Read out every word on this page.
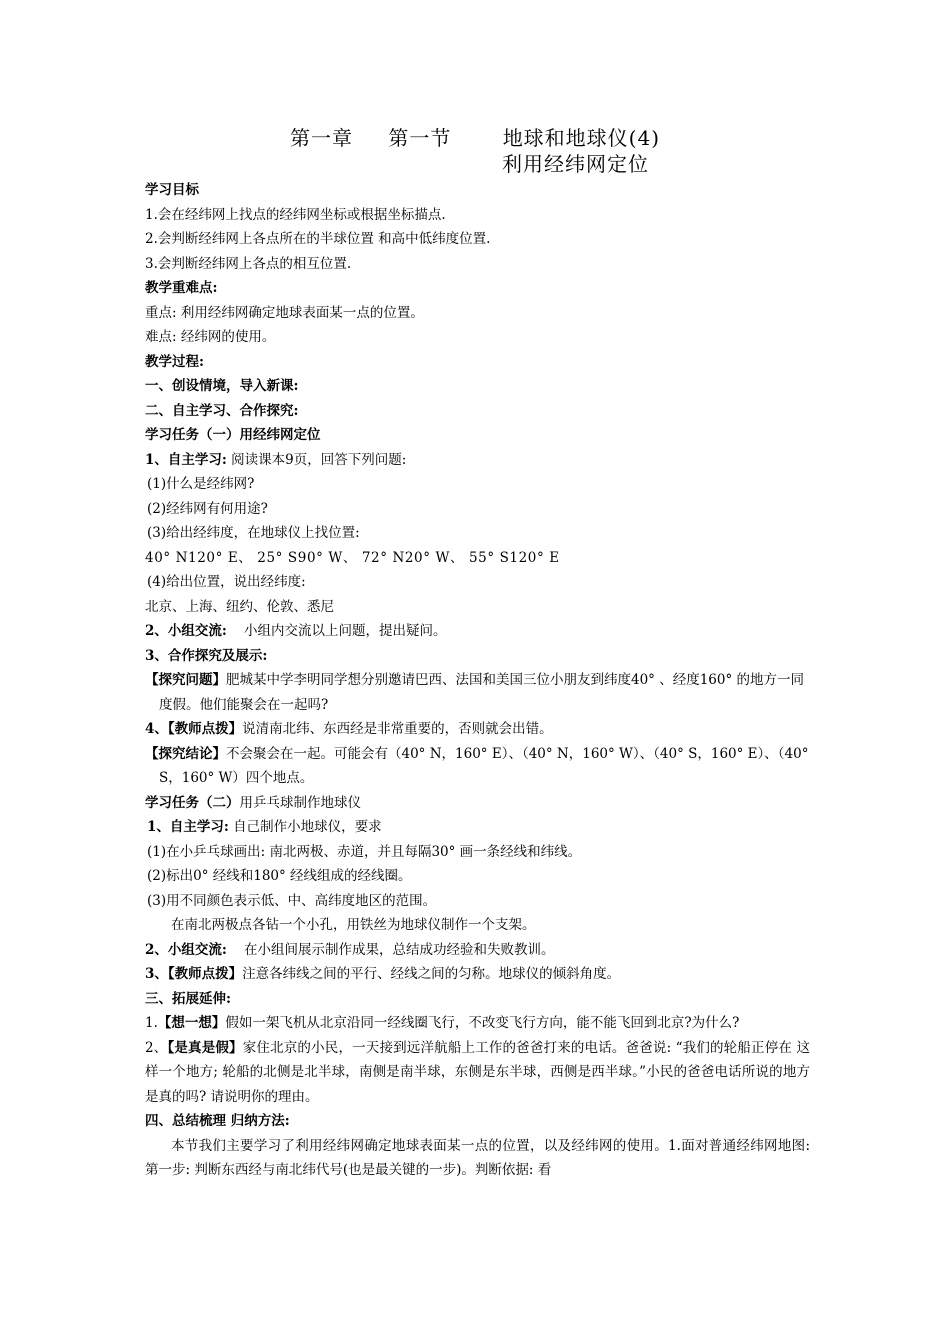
第一章 第一节	地球和地球仪(4)
利用经纬网定位

学习目标

1.会在经纬网上找点的经纬网坐标或根据坐标描点.

2.会判断经纬网上各点所在的半球位置 和高中低纬度位置.

3.会判断经纬网上各点的相互位置.

教学重难点:

重点: 利用经纬网确定地球表面某一点的位置。

难点: 经纬网的使用。

教学过程:

一、创设情境，导入新课:

二、自主学习、合作探究:

学习任务（一）用经纬网定位

1、自主学习: 阅读课本9页，回答下列问题:

(1)什么是经纬网?

(2)经纬网有何用途?

(3)给出经纬度，在地球仪上找位置:

40° N120° E、 25° S90° W、 72° N20° W、 55° S120° E

(4)给出位置，说出经纬度:

北京、上海、纽约、伦敦、悉尼

2、小组交流:    小组内交流以上问题，提出疑问。

3、合作探究及展示:

【探究问题】肥城某中学李明同学想分别邀请巴西、法国和美国三位小朋友到纬度40° 、经度160° 的地方一同度假。他们能聚会在一起吗?

4、【教师点拨】说清南北纬、东西经是非常重要的，否则就会出错。

【探究结论】不会聚会在一起。可能会有（40° N，160° E）、（40° N，160° W）、（40° S，160° E）、（40° S，160° W）四个地点。

学习任务（二）用乒乓球制作地球仪

1、自主学习: 自己制作小地球仪，要求

(1)在小乒乓球画出: 南北两极、赤道，并且每隔30° 画一条经线和纬线。

(2)标出0° 经线和180° 经线组成的经线圈。

(3)用不同颜色表示低、中、高纬度地区的范围。

在南北两极点各钻一个小孔，用铁丝为地球仪制作一个支架。

2、小组交流:    在小组间展示制作成果，总结成功经验和失败教训。

3、【教师点拨】注意各纬线之间的平行、经线之间的匀称。地球仪的倾斜角度。

三、拓展延伸:

1.【想一想】假如一架飞机从北京沿同一经线圈飞行，不改变飞行方向，能不能飞回到北京?为什么?

2、【是真是假】家住北京的小民，一天接到远洋航船上工作的爸爸打来的电话。爸爸说: “我们的轮船正停在 这样一个地方; 轮船的北侧是北半球，南侧是南半球，东侧是东半球，西侧是西半球。”小民的爸爸电话所说的地方是真的吗? 请说明你的理由。

四、总结梳理 归纳方法:

本节我们主要学习了利用经纬网确定地球表面某一点的位置，以及经纬网的使用。1.面对普通经纬网地图: 第一步: 判断东西经与南北纬代号(也是最关键的一步)。判断依据: 看
